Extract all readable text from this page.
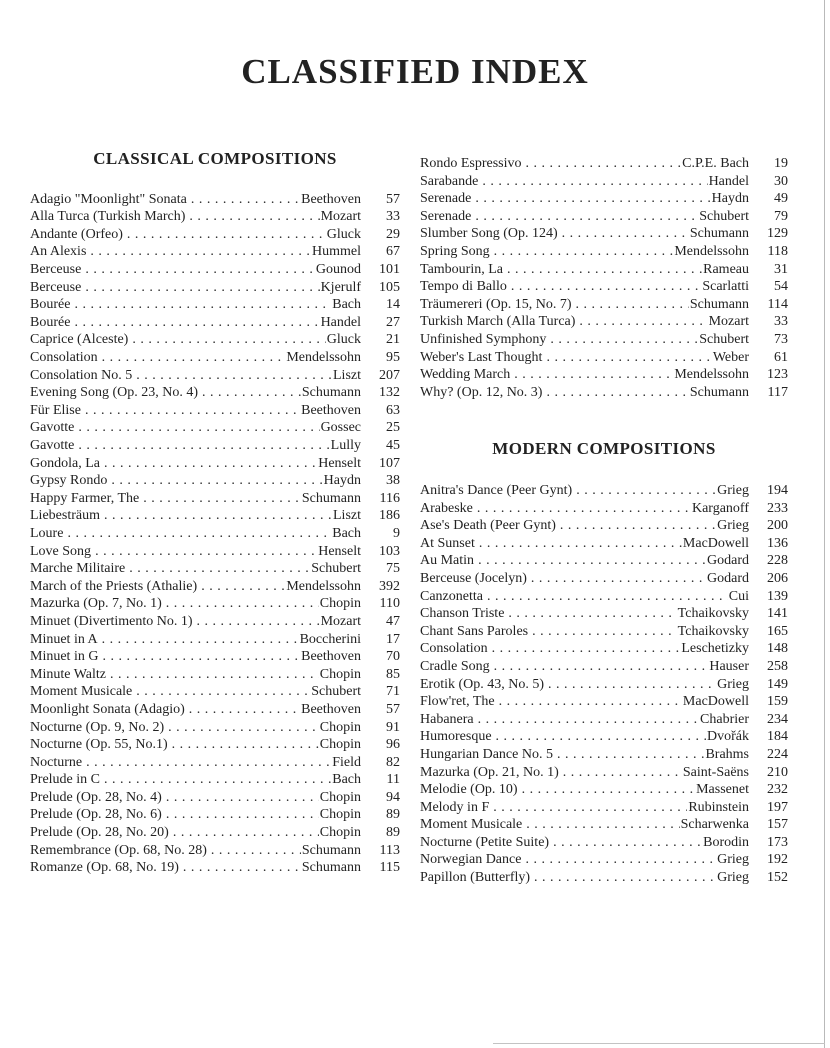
CLASSIFIED INDEX
CLASSICAL COMPOSITIONS
Adagio "Moonlight" Sonata .....	Beethoven	57
Alla Turca (Turkish March) .....	Mozart	33
Andante (Orfeo) .....	Gluck	29
An Alexis .....	Hummel	67
Berceuse .....	Gounod	101
Berceuse .....	Kjerulf	105
Bourée .....	Bach	14
Bourée .....	Handel	27
Caprice (Alceste) .....	Gluck	21
Consolation .....	Mendelssohn	95
Consolation No. 5 .....	Liszt	207
Evening Song (Op. 23, No. 4) .....	Schumann	132
Für Elise .....	Beethoven	63
Gavotte .....	Gossec	25
Gavotte .....	Lully	45
Gondola, La .....	Henselt	107
Gypsy Rondo .....	Haydn	38
Happy Farmer, The .....	Schumann	116
Liebesträum .....	Liszt	186
Loure .....	Bach	9
Love Song .....	Henselt	103
Marche Militaire .....	Schubert	75
March of the Priests (Athalie) .....	Mendelssohn	392
Mazurka (Op. 7, No. 1) .....	Chopin	110
Minuet (Divertimento No. 1) .....	Mozart	47
Minuet in A .....	Boccherini	17
Minuet in G .....	Beethoven	70
Minute Waltz .....	Chopin	85
Moment Musicale .....	Schubert	71
Moonlight Sonata (Adagio) .....	Beethoven	57
Nocturne (Op. 9, No. 2) .....	Chopin	91
Nocturne (Op. 55, No.1) .....	Chopin	96
Nocturne .....	Field	82
Prelude in C .....	Bach	11
Prelude (Op. 28, No. 4) .....	Chopin	94
Prelude (Op. 28, No. 6) .....	Chopin	89
Prelude (Op. 28, No. 20) .....	Chopin	89
Remembrance (Op. 68, No. 28) .....	Schumann	113
Romanze (Op. 68, No. 19) .....	Schumann	115
Rondo Espressivo .....	C.P.E. Bach	19
Sarabande .....	Handel	30
Serenade .....	Haydn	49
Serenade .....	Schubert	79
Slumber Song (Op. 124) .....	Schumann	129
Spring Song .....	Mendelssohn	118
Tambourin, La .....	Rameau	31
Tempo di Ballo .....	Scarlatti	54
Träumereri (Op. 15, No. 7) .....	Schumann	114
Turkish March (Alla Turca) .....	Mozart	33
Unfinished Symphony .....	Schubert	73
Weber's Last Thought .....	Weber	61
Wedding March .....	Mendelssohn	123
Why? (Op. 12, No. 3) .....	Schumann	117
MODERN COMPOSITIONS
Anitra's Dance (Peer Gynt) .....	Grieg	194
Arabeske .....	Karganoff	233
Ase's Death (Peer Gynt) .....	Grieg	200
At Sunset .....	MacDowell	136
Au Matin .....	Godard	228
Berceuse (Jocelyn) .....	Godard	206
Canzonetta .....	Cui	139
Chanson Triste .....	Tchaikovsky	141
Chant Sans Paroles .....	Tchaikovsky	165
Consolation .....	Leschetizky	148
Cradle Song .....	Hauser	258
Erotik (Op. 43, No. 5) .....	Grieg	149
Flow'ret, The .....	MacDowell	159
Habanera .....	Chabrier	234
Humoresque .....	Dvořák	184
Hungarian Dance No. 5 .....	Brahms	224
Mazurka (Op. 21, No. 1) .....	Saint-Saëns	210
Melodie (Op. 10) .....	Massenet	232
Melody in F .....	Rubinstein	197
Moment Musicale .....	Scharwenka	157
Nocturne (Petite Suite) .....	Borodin	173
Norwegian Dance .....	Grieg	192
Papillon (Butterfly) .....	Grieg	152
